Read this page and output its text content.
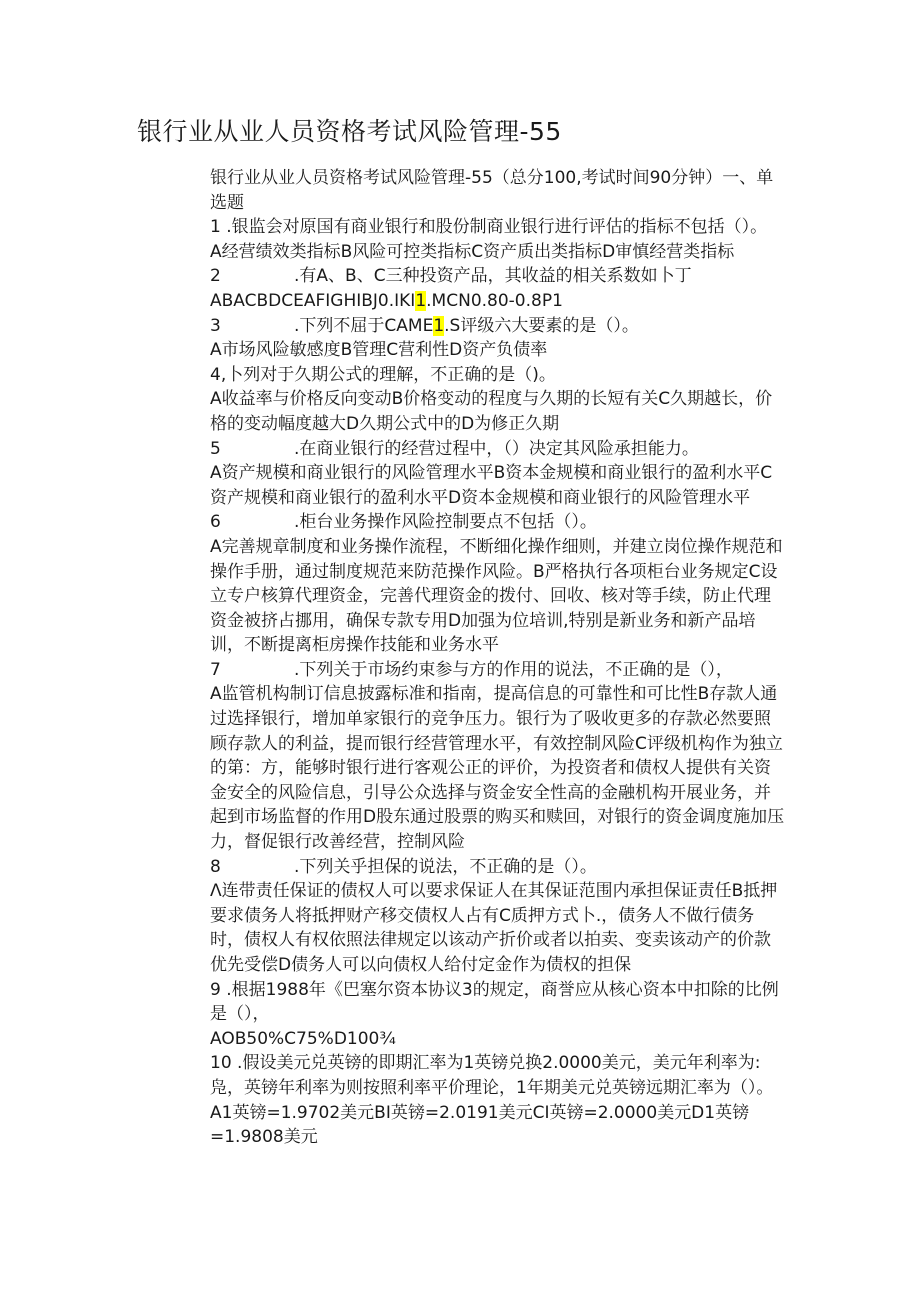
银行业从业人员资格考试风险管理-55

银行业从业人员资格考试风险管理-55（总分100,考试时间90分钟）一、单选题

1 .银监会对原国有商业银行和股份制商业银行进行评估的指标不包括（）。

A经营绩效类指标B风险可控类指标C资产质出类指标D审慎经营类指标

2	.有A、B、C三种投资产品，其收益的相关系数如卜丁

ABACBDCEAFIGHIBJ0.IKI1.MCN0.80-0.8P1

3	.下列不屈于CAME1.S评级六大要素的是（）。

A市场风险敏感度B管理C营利性D资产负债率

4,卜列对于久期公式的理解，不正确的是（)。

A收益率与价格反向变动B价格变动的程度与久期的长短有关C久期越长，价格的变动幅度越大D久期公式中的D为修正久期

5	.在商业银行的经营过程中，（）决定其风险承担能力。

A资产规模和商业银行的风险管理水平B资本金规模和商业银行的盈利水平C资产规模和商业银行的盈利水平D资本金规模和商业银行的风险管理水平

6	.柜台业务操作风险控制要点不包括（）。

A完善规章制度和业务操作流程，不断细化操作细则，并建立岗位操作规范和操作手册，通过制度规范来防范操作风险。B严格执行各项柜台业务规定C设立专户核算代理资金，完善代理资金的拨付、回收、核对等手续，防止代理资金被挤占挪用，确保专款专用D加强为位培训,特别是新业务和新产品培训，不断提离柜房操作技能和业务水平

7	.下列关于市场约束参与方的作用的说法，不正确的是（），

A监管机构制订信息披露标准和指南，提高信息的可靠性和可比性B存款人通过选择银行，增加单家银行的竞争压力。银行为了吸收更多的存款必然要照顾存款人的利益，提而银行经营管理水平，有效控制风险C评级机构作为独立的第：方，能够时银行进行客观公正的评价，为投资者和债权人提供有关资金安全的风险信息，引导公众选择与资金安全性高的金融机构开展业务，并起到市场监督的作用D股东通过股票的购买和赎回，对银行的资金调度施加压力，督促银行改善经营，控制风险

8	.下列关乎担保的说法，不正确的是（）。

Λ连带责任保证的债权人可以要求保证人在其保证范围内承担保证责任B抵押要求债务人将抵押财产移交债权人占有C质押方式卜.，债务人不做行债务时，债权人有权依照法律规定以该动产折价或者以拍卖、变卖该动产的价款优先受偿D债务人可以向债权人给付定金作为债权的担保

9 .根据1988年《巴塞尔资本协议3的规定，商誉应从核心资本中扣除的比例是（），

AOB50%C75%D100¾

10 .假设美元兑英镑的即期汇率为1英镑兑换2.0000美元，美元年利率为:凫，英镑年利率为则按照利率平价理论，1年期美元兑英镑远期汇率为（）。

A1英镑=1.9702美元BI英镑=2.0191美元CI英镑=2.0000美元D1英镑=1.9808美元
